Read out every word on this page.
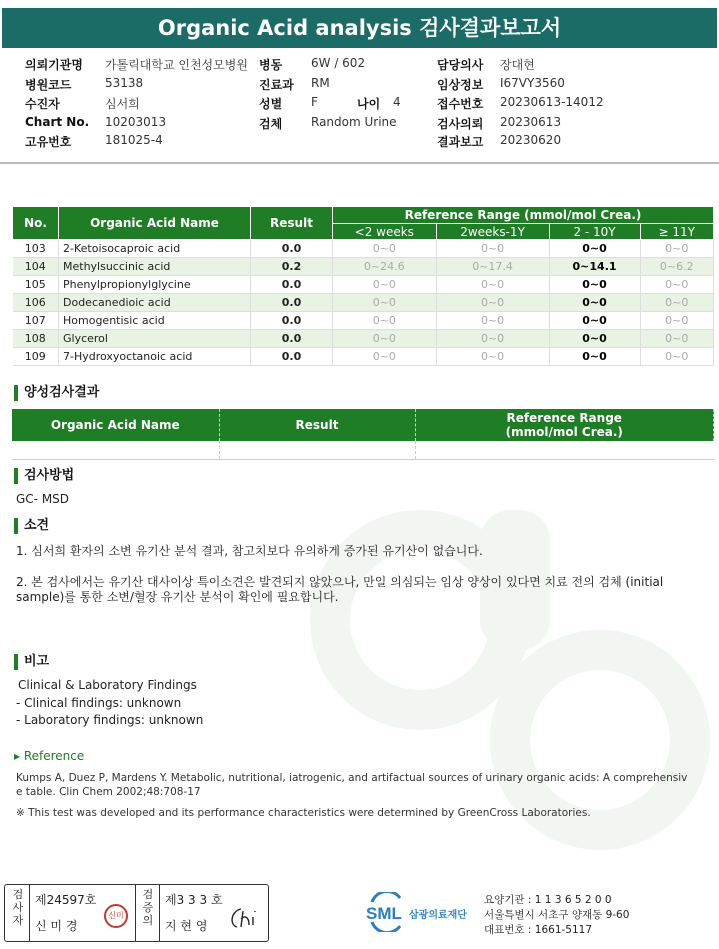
Organic Acid analysis 검사결과보고서
의뢰기관명 가톨릭대학교 인천성모병원 병동 6W / 602	담당의사 장대현
병원코드	53138	진료과 RM	임상정보 I67VY3560
수진자	심서희	성별 F	나이 4	접수번호 20230613-14012
Chart No. 10203013	검체 Random Urine	검사의뢰 20230613
고유번호	181025-4	결과보고 20230620
No.	Organic Acid Name	Result	Reference Range (mmol/mol Crea.)			
			<2 weeks	2weeks-1Y	2 - 10Y	≥ 11Y
103	2-Ketoisocaproic acid	0.0	0~0	0~0	0~0	0~0
104	Methylsuccinic acid	0.2	0~24.6	0~17.4	0~14.1	0~6.2
105	Phenylpropionylglycine	0.0	0~0	0~0	0~0	0~0
106	Dodecanedioic acid	0.0	0~0	0~0	0~0	0~0
107	Homogentisic acid	0.0	0~0	0~0	0~0	0~0
108	Glycerol	0.0	0~0	0~0	0~0	0~0
109	7-Hydroxyoctanoic acid	0.0	0~0	0~0	0~0	0~0
양성검사결과
Organic Acid Name	Result	Reference Range
(mmol/mol Crea.)

검사방법
GC- MSD
소견
1. 심서희 환자의 소변 유기산 분석 결과, 참고치보다 유의하게 증가된 유기산이 없습니다.
2. 본 검사에서는 유기산 대사이상 특이소견은 발견되지 않았으나, 만일 의심되는 임상 양상이 있다면 치료 전의 검체 (initial
sample)를 통한 소변/혈장 유기산 분석이 확인에 필요합니다.
비고
Clinical & Laboratory Findings
- Clinical findings: unknown
- Laboratory findings: unknown
▸ Reference
Kumps A, Duez P, Mardens Y. Metabolic, nutritional, iatrogenic, and artifactual sources of urinary organic acids: A comprehensiv
e table. Clin Chem 2002;48:708-17
※ This test was developed and its performance characteristics were determined by GreenCross Laboratories.
검사자
제24597호
신 미 경
신미
검증의
제3 3 3 호
지 현 영
SML 삼광의료재단
요양기관 : 1 1 3 6 5 2 0 0
서울특별시 서초구 양재동 9-60
대표번호 : 1661-5117
